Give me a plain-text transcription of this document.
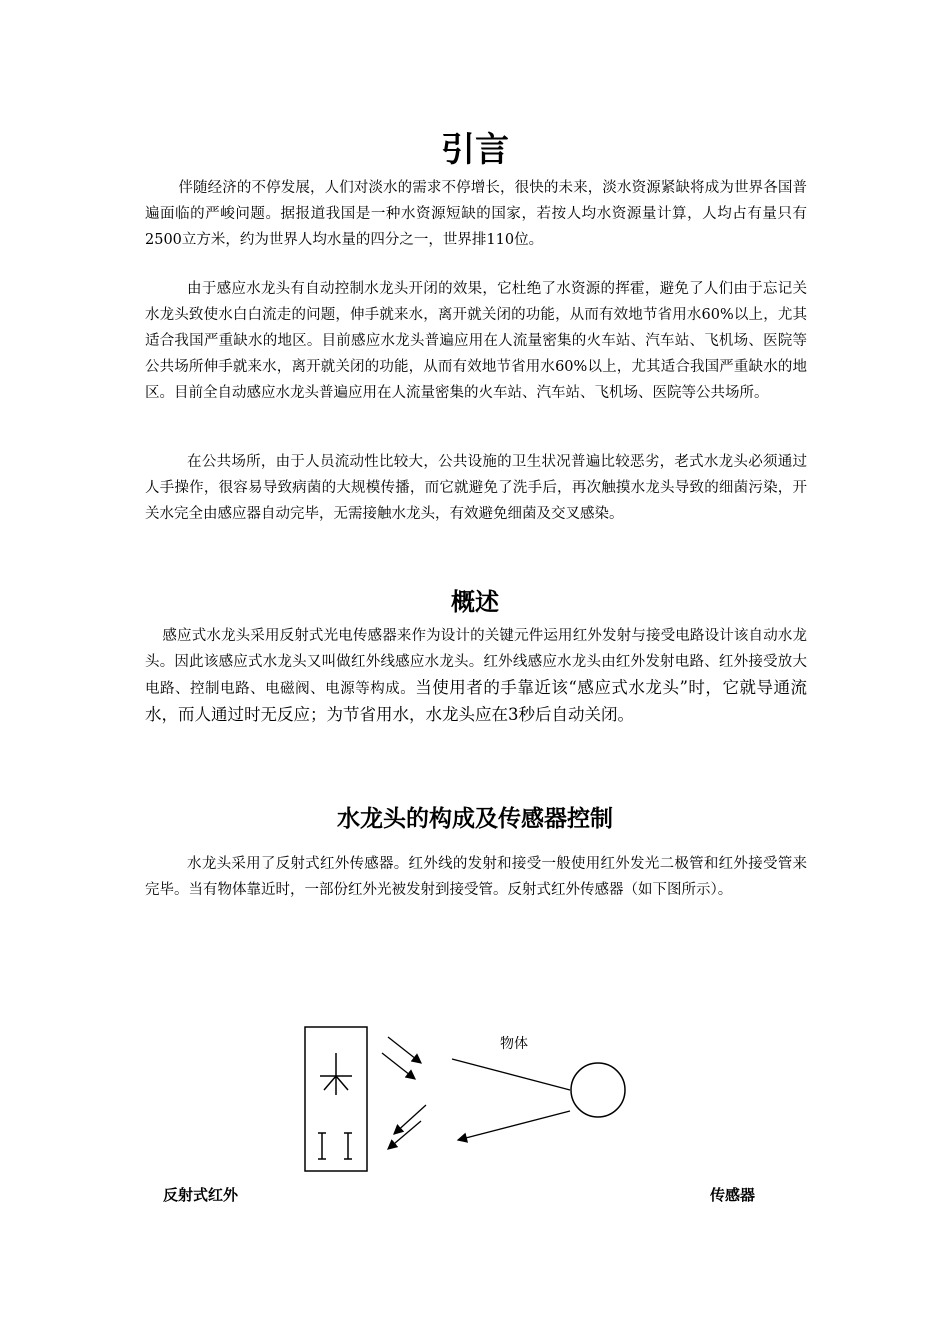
引言

伴随经济的不停发展，人们对淡水的需求不停增长，很快的未来，淡水资源紧缺将成为世界各国普遍面临的严峻问题。据报道我国是一种水资源短缺的国家，若按人均水资源量计算，人均占有量只有2500立方米，约为世界人均水量的四分之一，世界排110位。

由于感应水龙头有自动控制水龙头开闭的效果，它杜绝了水资源的挥霍，避免了人们由于忘记关水龙头致使水白白流走的问题，伸手就来水，离开就关闭的功能，从而有效地节省用水60%以上，尤其适合我国严重缺水的地区。目前感应水龙头普遍应用在人流量密集的火车站、汽车站、飞机场、医院等公共场所伸手就来水，离开就关闭的功能，从而有效地节省用水60%以上，尤其适合我国严重缺水的地区。目前全自动感应水龙头普遍应用在人流量密集的火车站、汽车站、飞机场、医院等公共场所。

在公共场所，由于人员流动性比较大，公共设施的卫生状况普遍比较恶劣，老式水龙头必须通过人手操作，很容易导致病菌的大规模传播，而它就避免了洗手后，再次触摸水龙头导致的细菌污染，开关水完全由感应器自动完毕，无需接触水龙头，有效避免细菌及交叉感染。

概述

感应式水龙头采用反射式光电传感器来作为设计的关键元件运用红外发射与接受电路设计该自动水龙头。因此该感应式水龙头又叫做红外线感应水龙头。红外线感应水龙头由红外发射电路、红外接受放大电路、控制电路、电磁阀、电源等构成。当使用者的手靠近该“感应式水龙头”时，它就导通流水，而人通过时无反应；为节省用水，水龙头应在3秒后自动关闭。

水龙头的构成及传感器控制

水龙头采用了反射式红外传感器。红外线的发射和接受一般使用红外发光二极管和红外接受管来完毕。当有物体靠近时，一部份红外光被发射到接受管。反射式红外传感器（如下图所示）。

物体
反射式红外	传感器
